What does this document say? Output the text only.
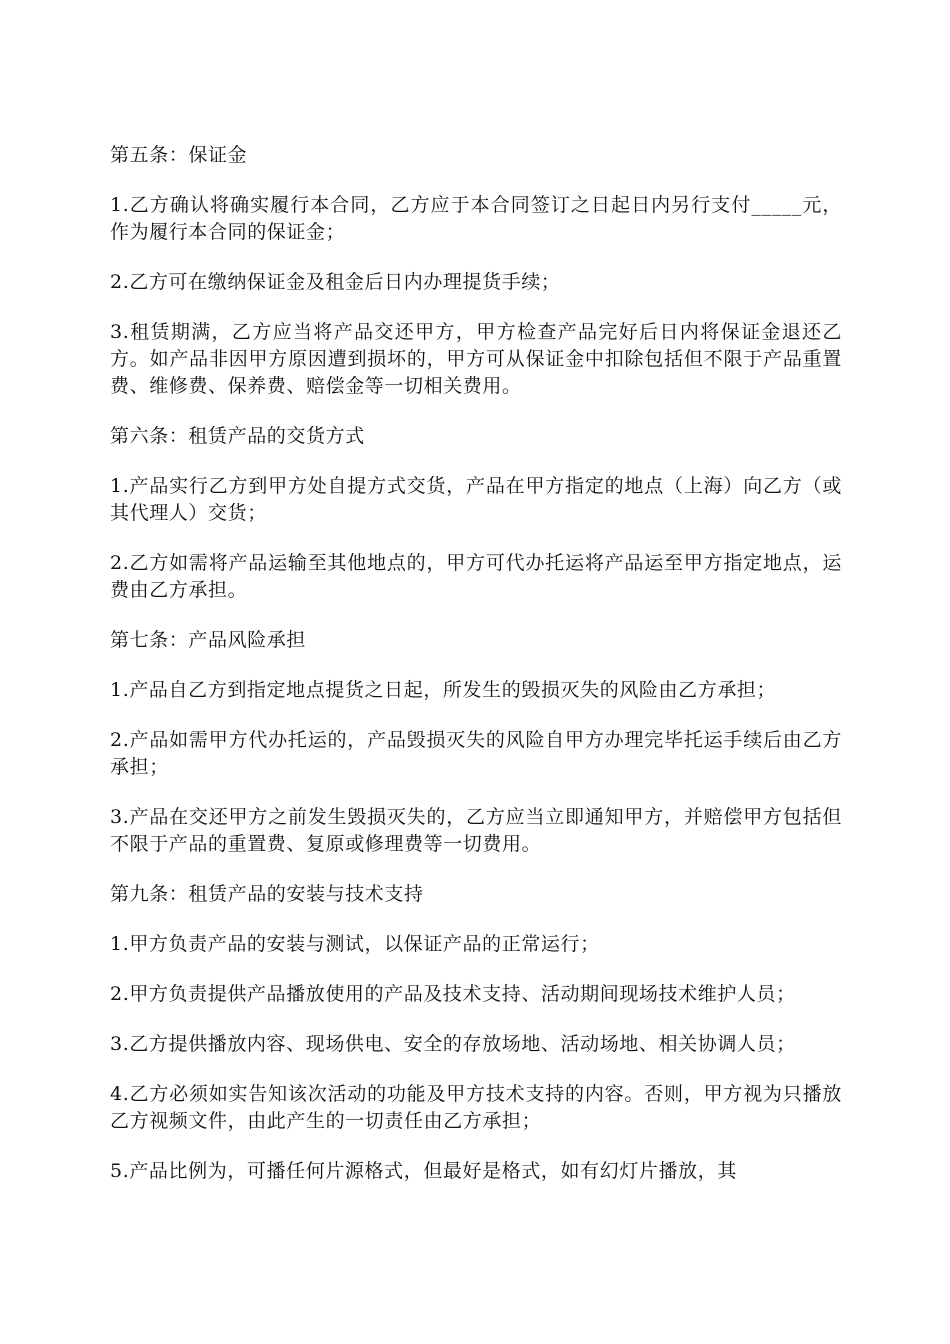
第五条：保证金

1.乙方确认将确实履行本合同，乙方应于本合同签订之日起日内另行支付_____元，作为履行本合同的保证金；

2.乙方可在缴纳保证金及租金后日内办理提货手续；

3.租赁期满，乙方应当将产品交还甲方，甲方检查产品完好后日内将保证金退还乙方。如产品非因甲方原因遭到损坏的，甲方可从保证金中扣除包括但不限于产品重置费、维修费、保养费、赔偿金等一切相关费用。

第六条：租赁产品的交货方式

1.产品实行乙方到甲方处自提方式交货，产品在甲方指定的地点（上海）向乙方（或其代理人）交货；

2.乙方如需将产品运输至其他地点的，甲方可代办托运将产品运至甲方指定地点，运费由乙方承担。

第七条：产品风险承担

1.产品自乙方到指定地点提货之日起，所发生的毁损灭失的风险由乙方承担；

2.产品如需甲方代办托运的，产品毁损灭失的风险自甲方办理完毕托运手续后由乙方承担；

3.产品在交还甲方之前发生毁损灭失的，乙方应当立即通知甲方，并赔偿甲方包括但不限于产品的重置费、复原或修理费等一切费用。

第九条：租赁产品的安装与技术支持

1.甲方负责产品的安装与测试，以保证产品的正常运行；

2.甲方负责提供产品播放使用的产品及技术支持、活动期间现场技术维护人员；

3.乙方提供播放内容、现场供电、安全的存放场地、活动场地、相关协调人员；

4.乙方必须如实告知该次活动的功能及甲方技术支持的内容。否则，甲方视为只播放乙方视频文件，由此产生的一切责任由乙方承担；

5.产品比例为，可播任何片源格式，但最好是格式，如有幻灯片播放，其
